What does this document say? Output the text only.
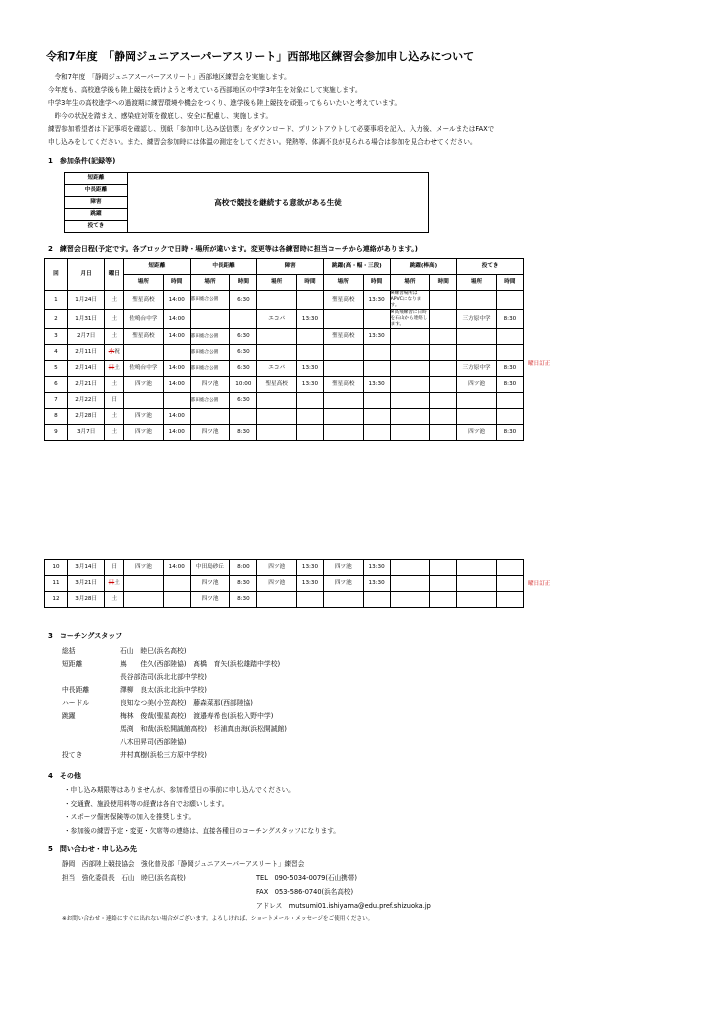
令和7年度　「静岡ジュニアスーパーアスリート」西部地区練習会参加申し込みについて
　令和7年度　「静岡ジュニアスーパーアスリート」西部地区練習会を実施します。
今年度も、高校進学後も陸上競技を続けようと考えている西部地区の中学3年生を対象にして実施します。
中学3年生の高校進学への過渡期に練習環境や機会をつくり、進学後も陸上競技を頑張ってもらいたいと考えています。
　昨今の状況を踏まえ、感染症対策を徹底し、安全に配慮し、実施します。
練習参加希望者は下記事項を確認し、別紙「参加申し込み送信票」をダウンロード、プリントアウトして必要事項を記入、入力後、メールまたはFAXで
申し込みをしてください。また、練習会参加時には体温の測定をしてください。発熱等、体調不良が見られる場合は参加を見合わせてください。
1　参加条件(記録等)
短距離	高校で競技を継続する意欲がある生徒
中長距離
障害
跳躍
投てき
2　練習会日程(予定です。各ブロックで日時・場所が違います。変更等は各練習時に担当コーチから連絡があります。)
回	月日	曜日	短距離		中長距離		障害		跳躍(高・幅・三段)		跳躍(棒高)		投てき	
			場所	時間	場所	時間	場所	時間	場所	時間	場所	時間	場所	時間
1	1月24日	土	聖星高校	14:00	都田総合公園	6:30			聖星高校	13:30	※練習場所はAPVCになります。			
2	1月31日	土	佐鳴台中学	14:00			エコパ	13:30			※高飛練習に日時を石山から連絡します。		三方原中学	8:30
3	2月7日	土	聖星高校	14:00	都田総合公園	6:30			聖星高校	13:30				
4	2月11日	水祝			都田総合公園	6:30								
5	2月14日	日土	佐鳴台中学	14:00	都田総合公園	6:30	エコパ	13:30					三方原中学	8:30
6	2月21日	土	四ツ池	14:00	四ツ池	10:00	聖星高校	13:30	聖星高校	13:30			四ツ池	8:30
7	2月22日	日			都田総合公園	6:30								
8	2月28日	土	四ツ池	14:00										
9	3月7日	土	四ツ池	14:00	四ツ池	8:30							四ツ池	8:30
10	3月14日	日	四ツ池	14:00	中田島砂丘	8:00	四ツ池	13:30	四ツ池	13:30				
11	3月21日	日土			四ツ池	8:30	四ツ池	13:30	四ツ池	13:30				
12	3月28日	土			四ツ池	8:30								
3　コーチングスタッフ
総括	石山　睦巳(浜名高校)
短距離	嶌　　佳久(西部陸協)　髙橋　育矢(浜松雄踏中学校)
長谷部浩司(浜北北部中学校)
中長距離	澤柳　良太(浜北北浜中学校)
ハードル	良知なつ美(小笠高校)　藤森菜那(西部陸協)
跳躍	梅林　俊哉(聖星高校)　渡邉寿希也(浜松入野中学)
馬渕　和哉(浜松開誠館高校)　杉浦真由海(浜松開誠館)
八木田昇司(西部陸協)
投てき	井村真樹(浜松三方原中学校)
4　その他
・申し込み期限等はありませんが、参加希望日の事前に申し込んでください。
・交通費、施設使用料等の経費は各自でお願いします。
・スポーツ傷害保険等の加入を推奨します。
・参加後の練習予定・変更・欠席等の連絡は、直接各種目のコーチングスタッフになります。
5　問い合わせ・申し込み先
静岡　西部陸上競技協会　強化普及部「静岡ジュニアスーパーアスリート」練習会
担当　強化委員長　石山　睦巳(浜名高校)	TEL　090-5034-0079(石山携帯)
FAX　053-586-0740(浜名高校)
アドレス　mutsumi01.ishiyama@edu.pref.shizuoka.jp
※お問い合わせ・連絡にすぐに出れない場合がございます。よろしければ、ショートメール・メッセージをご使用ください。
曜日訂正
曜日訂正
